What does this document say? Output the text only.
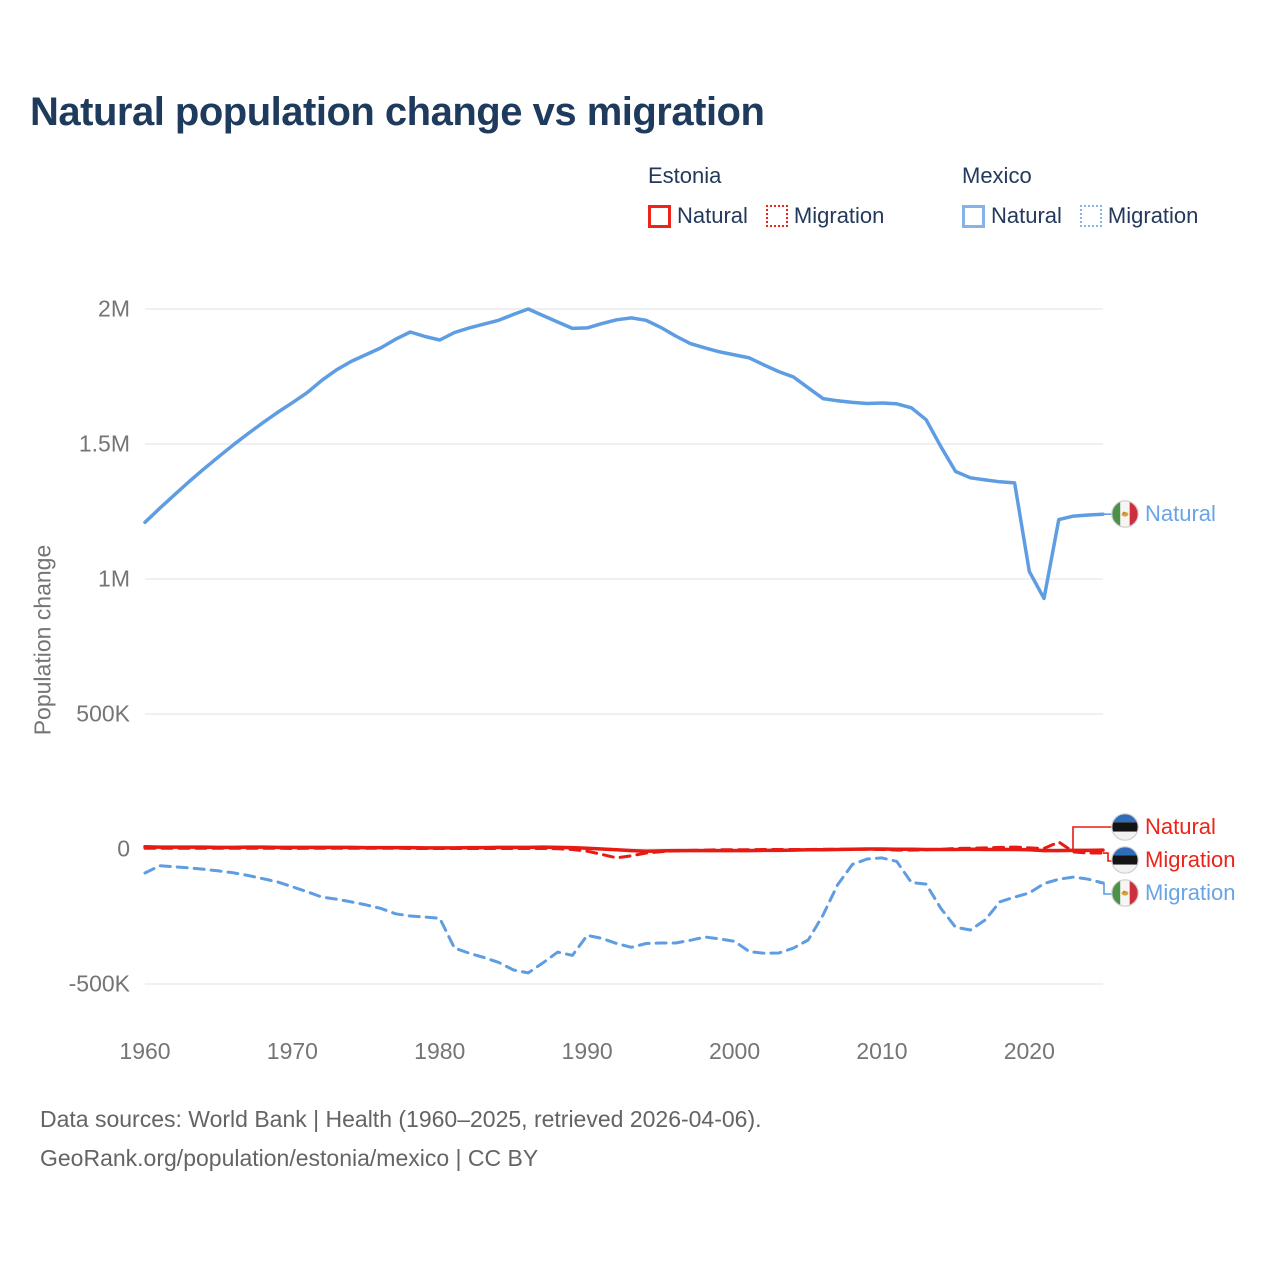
Natural population change vs migration
Estonia
Natural Migration
Mexico
Natural Migration
2M
1.5M
1M
500K
0
-500K
1960	1970	1980	1990	2000	2010	2020
Population change
Natural
Natural
Migration
Migration
Data sources: World Bank | Health (1960–2025, retrieved 2026-04-06).
GeoRank.org/population/estonia/mexico | CC BY
